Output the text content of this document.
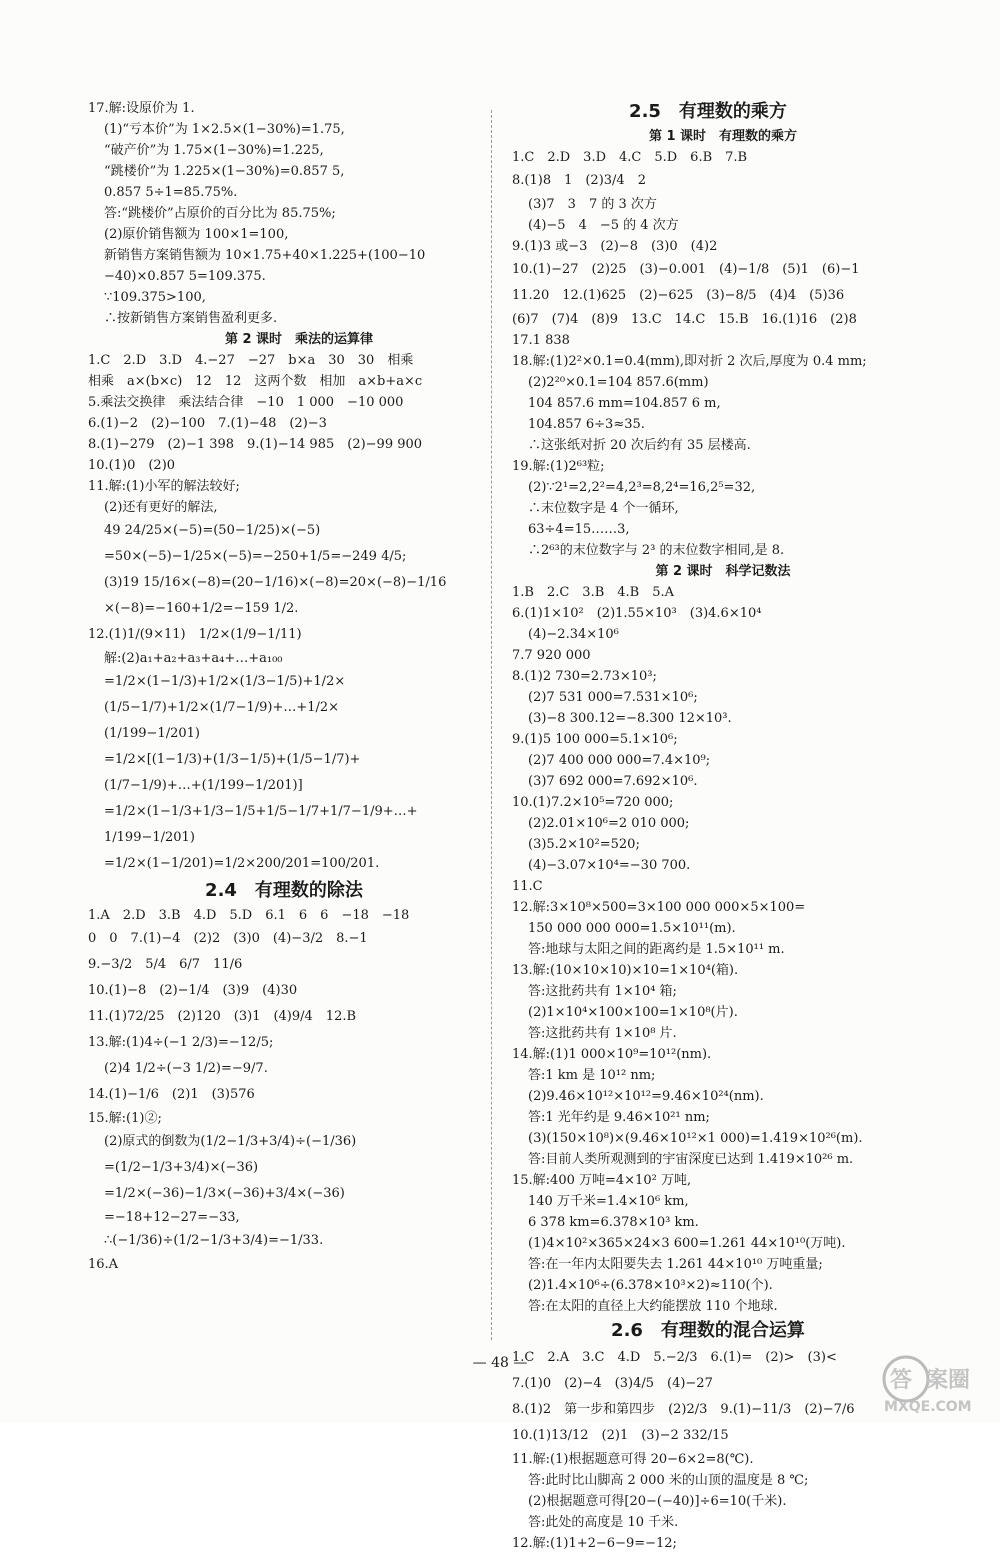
17.解:设原价为 1.
(1)“亏本价”为 1×2.5×(1−30%)=1.75,
“破产价”为 1.75×(1−30%)=1.225,
“跳楼价”为 1.225×(1−30%)=0.857 5,
0.857 5÷1=85.75%.
答:“跳楼价”占原价的百分比为 85.75%;
(2)原价销售额为 100×1=100,
新销售方案销售额为 10×1.75+40×1.225+(100−10
−40)×0.857 5=109.375.
∵109.375>100,
∴按新销售方案销售盈利更多.
第 2 课时　乘法的运算律
1.C　2.D　3.D　4.−27　−27　b×a　30　30　相乘
相乘　a×(b×c)　12　12　这两个数　相加　a×b+a×c
5.乘法交换律　乘法结合律　−10　1 000　−10 000
6.(1)−2　(2)−100　7.(1)−48　(2)−3
8.(1)−279　(2)−1 398　9.(1)−14 985　(2)−99 900
10.(1)0　(2)0
11.解:(1)小军的解法较好;
(2)还有更好的解法,
49 24/25×(−5)=(50−1/25)×(−5)
=50×(−5)−1/25×(−5)=−250+1/5=−249 4/5;
(3)19 15/16×(−8)=(20−1/16)×(−8)=20×(−8)−1/16
×(−8)=−160+1/2=−159 1/2.
12.(1)1/(9×11)　1/2×(1/9−1/11)
解:(2)a₁+a₂+a₃+a₄+…+a₁₀₀
=1/2×(1−1/3)+1/2×(1/3−1/5)+1/2×
(1/5−1/7)+1/2×(1/7−1/9)+…+1/2×
(1/199−1/201)
=1/2×[(1−1/3)+(1/3−1/5)+(1/5−1/7)+
(1/7−1/9)+…+(1/199−1/201)]
=1/2×(1−1/3+1/3−1/5+1/5−1/7+1/7−1/9+…+
1/199−1/201)
=1/2×(1−1/201)=1/2×200/201=100/201.
2.4　有理数的除法
1.A　2.D　3.B　4.D　5.D　6.1　6　6　−18　−18
0　0　7.(1)−4　(2)2　(3)0　(4)−3/2　8.−1
9.−3/2　5/4　6/7　11/6
10.(1)−8　(2)−1/4　(3)9　(4)30
11.(1)72/25　(2)120　(3)1　(4)9/4　12.B
13.解:(1)4÷(−1 2/3)=−12/5;
(2)4 1/2÷(−3 1/2)=−9/7.
14.(1)−1/6　(2)1　(3)576
15.解:(1)②;
(2)原式的倒数为(1/2−1/3+3/4)÷(−1/36)
=(1/2−1/3+3/4)×(−36)
=1/2×(−36)−1/3×(−36)+3/4×(−36)
=−18+12−27=−33,
∴(−1/36)÷(1/2−1/3+3/4)=−1/33.
16.A
2.5　有理数的乘方
第 1 课时　有理数的乘方
1.C　2.D　3.D　4.C　5.D　6.B　7.B
8.(1)8　1　(2)3/4　2
(3)7　3　7 的 3 次方
(4)−5　4　−5 的 4 次方
9.(1)3 或−3　(2)−8　(3)0　(4)2
10.(1)−27　(2)25　(3)−0.001　(4)−1/8　(5)1　(6)−1
11.20　12.(1)625　(2)−625　(3)−8/5　(4)4　(5)36
(6)7　(7)4　(8)9　13.C　14.C　15.B　16.(1)16　(2)8
17.1 838
18.解:(1)2²×0.1=0.4(mm),即对折 2 次后,厚度为 0.4 mm;
(2)2²⁰×0.1=104 857.6(mm)
104 857.6 mm=104.857 6 m,
104.857 6÷3≈35.
∴这张纸对折 20 次后约有 35 层楼高.
19.解:(1)2⁶³粒;
(2)∵2¹=2,2²=4,2³=8,2⁴=16,2⁵=32,
∴末位数字是 4 个一循环,
63÷4=15……3,
∴2⁶³的末位数字与 2³ 的末位数字相同,是 8.
第 2 课时　科学记数法
1.B　2.C　3.B　4.B　5.A
6.(1)1×10²　(2)1.55×10³　(3)4.6×10⁴
(4)−2.34×10⁶
7.7 920 000
8.(1)2 730=2.73×10³;
(2)7 531 000=7.531×10⁶;
(3)−8 300.12=−8.300 12×10³.
9.(1)5 100 000=5.1×10⁶;
(2)7 400 000 000=7.4×10⁹;
(3)7 692 000=7.692×10⁶.
10.(1)7.2×10⁵=720 000;
(2)2.01×10⁶=2 010 000;
(3)5.2×10²=520;
(4)−3.07×10⁴=−30 700.
11.C
12.解:3×10⁸×500=3×100 000 000×5×100=
150 000 000 000=1.5×10¹¹(m).
答:地球与太阳之间的距离约是 1.5×10¹¹ m.
13.解:(10×10×10)×10=1×10⁴(箱).
答:这批药共有 1×10⁴ 箱;
(2)1×10⁴×100×100=1×10⁸(片).
答:这批药共有 1×10⁸ 片.
14.解:(1)1 000×10⁹=10¹²(nm).
答:1 km 是 10¹² nm;
(2)9.46×10¹²×10¹²=9.46×10²⁴(nm).
答:1 光年约是 9.46×10²¹ nm;
(3)(150×10⁸)×(9.46×10¹²×1 000)=1.419×10²⁶(m).
答:目前人类所观测到的宇宙深度已达到 1.419×10²⁶ m.
15.解:400 万吨=4×10² 万吨,
140 万千米=1.4×10⁶ km,
6 378 km=6.378×10³ km.
(1)4×10²×365×24×3 600=1.261 44×10¹⁰(万吨).
答:在一年内太阳要失去 1.261 44×10¹⁰ 万吨重量;
(2)1.4×10⁶÷(6.378×10³×2)≈110(个).
答:在太阳的直径上大约能摆放 110 个地球.
2.6　有理数的混合运算
1.C　2.A　3.C　4.D　5.−2/3　6.(1)=　(2)>　(3)<
7.(1)0　(2)−4　(3)4/5　(4)−27
8.(1)2　第一步和第四步　(2)2/3　9.(1)−11/3　(2)−7/6
10.(1)13/12　(2)1　(3)−2 332/15
11.解:(1)根据题意可得 20−6×2=8(℃).
答:此时比山脚高 2 000 米的山顶的温度是 8 ℃;
(2)根据题意可得[20−(−40)]÷6=10(千米).
答:此处的高度是 10 千米.
12.解:(1)1+2−6−9=−12;
— 48 —
答 案圈
MXQE.COM
